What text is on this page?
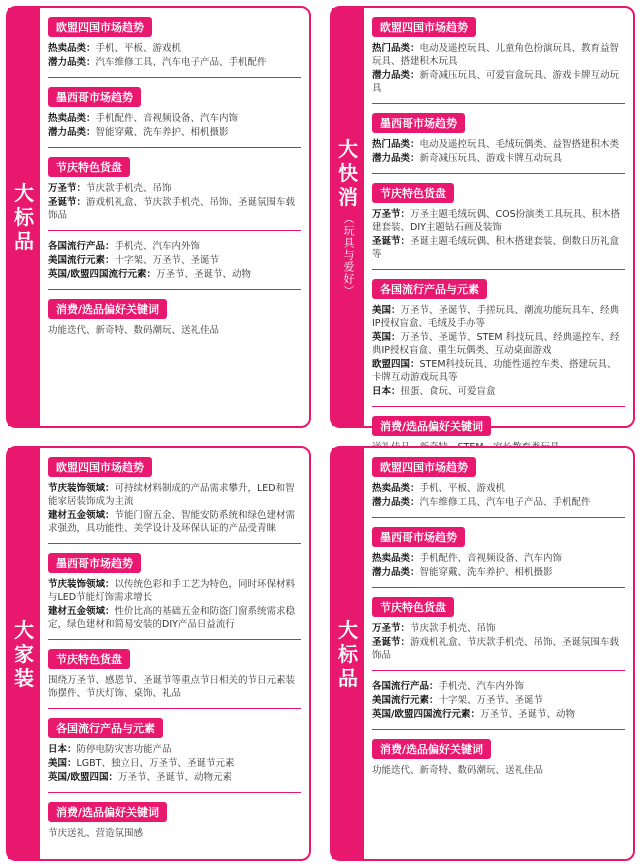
大标品
欧盟四国市场趋势
热卖品类：手机、平板、游戏机
潜力品类：汽车维修工具、汽车电子产品、手机配件
墨西哥市场趋势
热卖品类：手机配件、音视频设备、汽车内饰
潜力品类：智能穿戴、洗车养护、相机摄影
节庆特色货盘
万圣节：节庆款手机壳、吊饰
圣诞节：游戏机礼盒、节庆款手机壳、吊饰、圣诞氛围车载饰品
各国流行产品：手机壳、汽车内外饰
美国流行元素：十字架、万圣节、圣诞节
英国/欧盟四国流行元素：万圣节、圣诞节、动物
消费/选品偏好关键词
功能迭代、新奇特、数码潮玩、送礼佳品
大快消
（玩具与爱好）
欧盟四国市场趋势
热门品类：电动及遥控玩具、儿童角色扮演玩具、教育益智玩具、搭建积木玩具
潜力品类：新奇减压玩具、可爱盲盒玩具、游戏卡牌互动玩具
墨西哥市场趋势
热门品类：电动及遥控玩具、毛绒玩偶类、益智搭建积木类
潜力品类：新奇减压玩具、游戏卡牌互动玩具
节庆特色货盘
万圣节：万圣主题毛绒玩偶、COS扮演类工具玩具、积木搭建套装、DIY主题钻石画及装饰
圣诞节：圣诞主题毛绒玩偶、积木搭建套装、倒数日历礼盒等
各国流行产品与元素
美国：万圣节、圣诞节、手搓玩具、潮流功能玩具车、经典IP授权盲盒、毛绒及手办等
英国：万圣节、圣诞节、STEM 科技玩具、经典遥控车、经典IP授权盲盒、重生玩偶类、互动桌面游戏
欧盟四国：STEM科技玩具、功能性遥控车类、搭建玩具、卡牌互动游戏玩具等
日本：扭蛋、食玩、可爱盲盒
消费/选品偏好关键词
大家装
欧盟四国市场趋势
节庆装饰领域：可持续材料制成的产品需求攀升，LED和智能家居装饰成为主流
建材五金领域：节能门窗五金、智能安防系统和绿色建材需求强劲，具功能性、美学设计及环保认证的产品受青睐
墨西哥市场趋势
节庆装饰领域：以传统色彩和手工艺为特色，同时环保材料与LED节能灯饰需求增长
建材五金领域：性价比高的基础五金和防盗门窗系统需求稳定，绿色建材和简易安装的DIY产品日益流行
节庆特色货盘
围绕万圣节、感恩节、圣诞节等重点节日相关的节日元素装饰摆件、节庆灯饰、桌饰、礼品
各国流行产品与元素
日本：防停电防灾害功能产品
美国：LGBT、独立日、万圣节、圣诞节元素
英国/欧盟四国：万圣节、圣诞节、动物元素
消费/选品偏好关键词
节庆送礼、营造氛围感
大标品
欧盟四国市场趋势
热卖品类：手机、平板、游戏机
潜力品类：汽车维修工具、汽车电子产品、手机配件
墨西哥市场趋势
热卖品类：手机配件、音视频设备、汽车内饰
潜力品类：智能穿戴、洗车养护、相机摄影
节庆特色货盘
万圣节：节庆款手机壳、吊饰
圣诞节：游戏机礼盒、节庆款手机壳、吊饰、圣诞氛围车载饰品
各国流行产品：手机壳、汽车内外饰
美国流行元素：十字架、万圣节、圣诞节
英国/欧盟四国流行元素：万圣节、圣诞节、动物
消费/选品偏好关键词
功能迭代、新奇特、数码潮玩、送礼佳品
